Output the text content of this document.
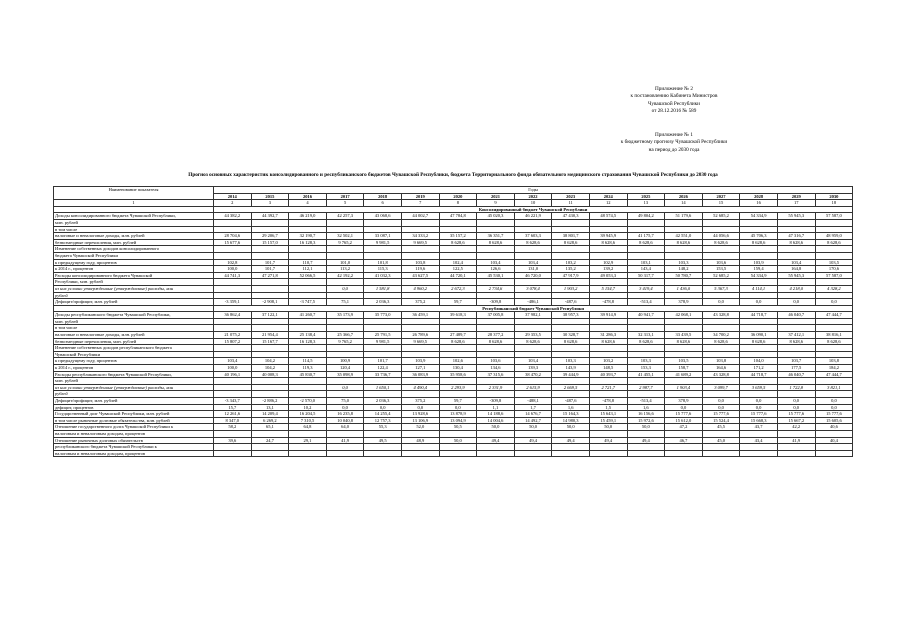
Приложение № 2
к постановлению Кабинета Министров
Чувашской Республики
от 28.12.2016 № 589
Приложение № 1
к бюджетному прогнозу Чувашской Республики
на период до 2030 года
Прогноз основных характеристик консолидированного и республиканского бюджетов Чувашской Республики, бюджета Территориального фонда обязательного медицинского страхования Чувашской Республики до 2030 года
Наименование показателя	Годы																
	2014	2015	2016	2017	2018	2019	2020	2021	2022	2023	2024	2025	2026	2027	2028	2029	2030
1	2	3	4	5	6	7	8	9	10	11	12	13	14	15	16	17	18
	Консолидированный бюджет Чувашской Республики																
Доходы консолидированного бюджета Чувашской Республики,	44 382,2	44 392,7	46 219,0	42 257,3	43 068,6	44 002,7	47 784,8	45 020,3	46 221,9	47 430,3	48 574,5	49 804,2	51 179,6	52 685,2	54 334,9	55 945,3	57 587,0
млн. рублей																	
в том числе																	
налоговые и неналоговые доходы, млн. рублей	28 704,6	29 206,7	32 190,7	32 502,1	33 087,1	34 333,2	35 157,2	36 351,7	37 603,3	38 801,7	39 945,9	41 175,7	42 551,0	44 056,6	45 706,3	47 316,7	48 959,0
безвозмездные перечисления, млн. рублей	15 677,6	15 157,0	16 128,3	9 765,2	9 981,5	9 669,5	8 628,6	8 628,6	8 628,6	8 628,6	8 628,6	8 628,6	8 628,6	8 628,6	8 628,6	8 628,6	8 628,6
Изменение собственных доходов консолидированного																	
бюджета Чувашской Республики																	
к предыдущему году, процентов	102,8	101,7	110,7	101,0	101,8	103,8	102,4	103,4	103,4	103,2	102,9	103,1	103,3	103,6	103,9	103,4	103,5
к 2014 г., процентов	100,0	101,7	112,1	113,2	115,3	119,6	122,5	126,6	131,0	135,2	139,2	143,4	148,2	153,5	159,4	164,8	170,6
Расходы консолидированного бюджета Чувашской	44 741,3	47 271,8	52 066,5	42 192,2	41 032,3	43 627,5	44 720,1	45 530,1	46 720,0	47 917,9	49 053,3	50 317,7	50 780,7	52 685,2	54 334,9	55 945,3	57 587,0
Республики, млн. рублей																	
из них условно утвержденные (утверждаемые) расходы, млн				0,0	1 581,8	4 960,2	2 672,3	2 734,6	3 078,4	1 903,2	5 154,7	3 419,4	1 436,0	5 367,3	4 114,1	4 218,0	4 328,2
рублей																	
Дефицит/профицит, млн. рублей	-3 359,1	-2 908,1	-3 747,5	75,1	2 036,3	375,2	59,7	-309,8	-486,1	-487,6	-478,8	-513,4	378,9	0,0	0,0	0,0	0,0
	Республиканский бюджет Чувашской Республики																
Доходы республиканского бюджета Чувашской Республики,	36 862,4	37 122,1	41 260,7	35 173,9	35 773,0	36 459,1	39 618,3	37 005,8	37 982,1	38 957,3	39 914,9	40 941,7	42 068,1	43 328,8	44 718,7	46 040,7	47 444,7
млн. рублей																	
в том числе																	
налоговые и неналоговые доходы, млн. рублей	21 075,2	21 954,4	25 138,4	25 366,7	25 791,5	26 789,6	27 489,7	28 377,2	29 353,5	30 328,7	31 286,3	32 313,1	33 439,5	34 700,2	36 090,1	37 412,1	38 816,1
безвозмездные перечисления, млн. рублей	15 807,2	15 167,7	16 128,3	9 765,2	9 981,5	9 669,5	8 628,6	8 628,6	8 628,6	8 628,6	8 628,6	8 628,6	8 628,6	8 628,6	8 628,6	8 628,6	8 628,6
Изменение собственных доходов республиканского бюджета																	
Чувашской Республики																	
к предыдущему году, процентов	103,4	104,2	114,5	100,9	101,7	103,9	102,6	103,6	103,4	103,3	103,2	103,3	103,5	103,8	104,0	103,7	103,8
к 2014 г., процентов	100,0	104,2	119,3	120,4	122,4	127,1	130,4	134,6	139,3	143,9	148,5	153,3	158,7	164,6	171,2	177,5	184,2
Расходы республиканского бюджета Чувашской Республики,	40 196,1	40 008,3	45 830,7	35 098,9	33 736,7	36 083,9	35 958,6	37 315,6	38 470,2	39 444,9	40 393,7	41 455,1	41 689,2	43 328,8	44 718,7	46 040,7	47 444,7
млн. рублей																	
из них условно утвержденные (утверждаемые) расходы, млн				0,0	1 650,1	4 490,4	2 293,9	2 331,9	2 615,9	2 669,5	2 721,7	2 987,7	1 903,4	3 099,7	3 659,5	1 722,8	3 821,1
рублей																	
Дефицит/профицит, млн. рублей	-3 343,7	-2 886,2	-2 570,0	75,0	2 036,3	375,2	59,7	-309,8	-488,1	-487,6	-478,8	-513,4	378,9	0,0	0,0	0,0	0,0
дефицит, процентов	15,7	13,1	10,2	0,0	0,0	0,0	0,0	1,1	1,7	1,6	1,5	1,6	0,0	0,0	0,0	0,0	0,0
Государственный долг Чувашской Республики, млн. рублей	12 261,6	14 209,4	16 204,5	16 235,8	14 255,4	13 928,6	13 878,9	14 188,6	14 676,7	15 164,3	15 643,1	16 156,6	15 777,6	15 777,6	15 777,6	15 777,6	15 777,6
в том числе рыночные долговые обязательства, млн. рублей	8 347,0	6 269,2	7 310,5	10 040,8	12 757,3	13 106,9	13 094,9	14 004,6	14 492,7	14 980,3	15 459,1	15 972,6	15 612,0	15 524,4	15 668,3	15 667,2	15 605,6
Отношение государственного долга Чувашской Республики к	58,2	65,1	64,8	64,0	55,3	52,0	50,5	50,0	50,0	50,0	50,0	50,0	47,2	45,5	43,7	42,2	40,6
налоговым и неналоговым доходам, процентов																	
Отношение рыночных долговых обязательств	39,6	24,7	29,1	41,9	49,5	48,9	50,0	49,4	49,4	49,4	49,4	49,4	46,7	45,0	43,4	41,9	40,4
республиканского бюджета Чувашской Республики к																	
налоговым и неналоговым доходам, процентов																	
